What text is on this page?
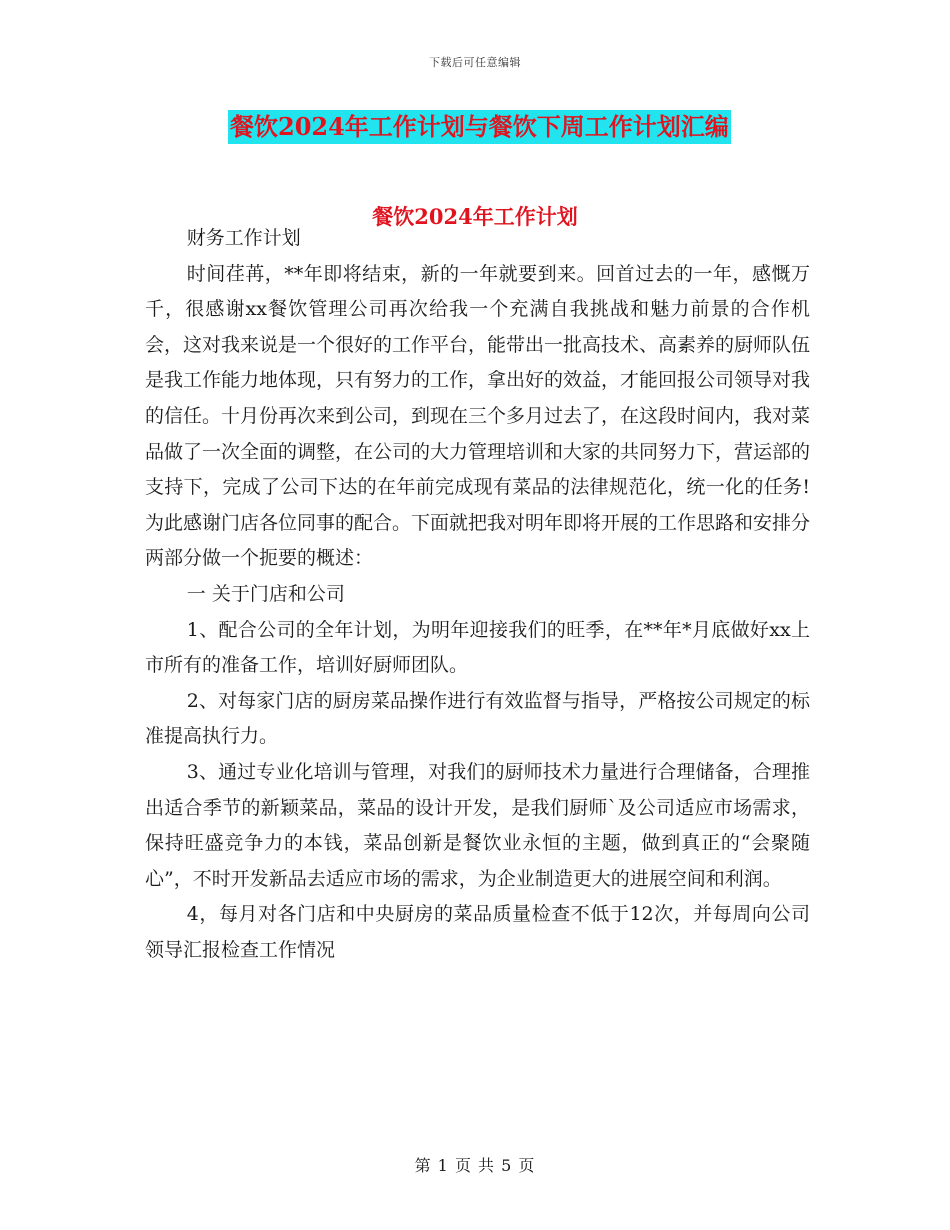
下载后可任意编辑
餐饮2024年工作计划与餐饮下周工作计划汇编
餐饮2024年工作计划

财务工作计划

时间荏苒，**年即将结束，新的一年就要到来。回首过去的一年，感慨万千，很感谢xx餐饮管理公司再次给我一个充满自我挑战和魅力前景的合作机会，这对我来说是一个很好的工作平台，能带出一批高技术、高素养的厨师队伍是我工作能力地体现，只有努力的工作，拿出好的效益，才能回报公司领导对我的信任。十月份再次来到公司，到现在三个多月过去了，在这段时间内，我对菜品做了一次全面的调整，在公司的大力管理培训和大家的共同努力下，营运部的支持下，完成了公司下达的在年前完成现有菜品的法律规范化，统一化的任务!为此感谢门店各位同事的配合。下面就把我对明年即将开展的工作思路和安排分两部分做一个扼要的概述：

一 关于门店和公司

1、配合公司的全年计划，为明年迎接我们的旺季，在**年*月底做好xx上市所有的准备工作，培训好厨师团队。

2、对每家门店的厨房菜品操作进行有效监督与指导，严格按公司规定的标准提高执行力。

3、通过专业化培训与管理，对我们的厨师技术力量进行合理储备，合理推出适合季节的新颖菜品，菜品的设计开发，是我们厨师`及公司适应市场需求，保持旺盛竞争力的本钱，菜品创新是餐饮业永恒的主题，做到真正的“会聚随心”，不时开发新品去适应市场的需求，为企业制造更大的进展空间和利润。

4，每月对各门店和中央厨房的菜品质量检查不低于12次，并每周向公司领导汇报检查工作情况

第 1 页 共 5 页
